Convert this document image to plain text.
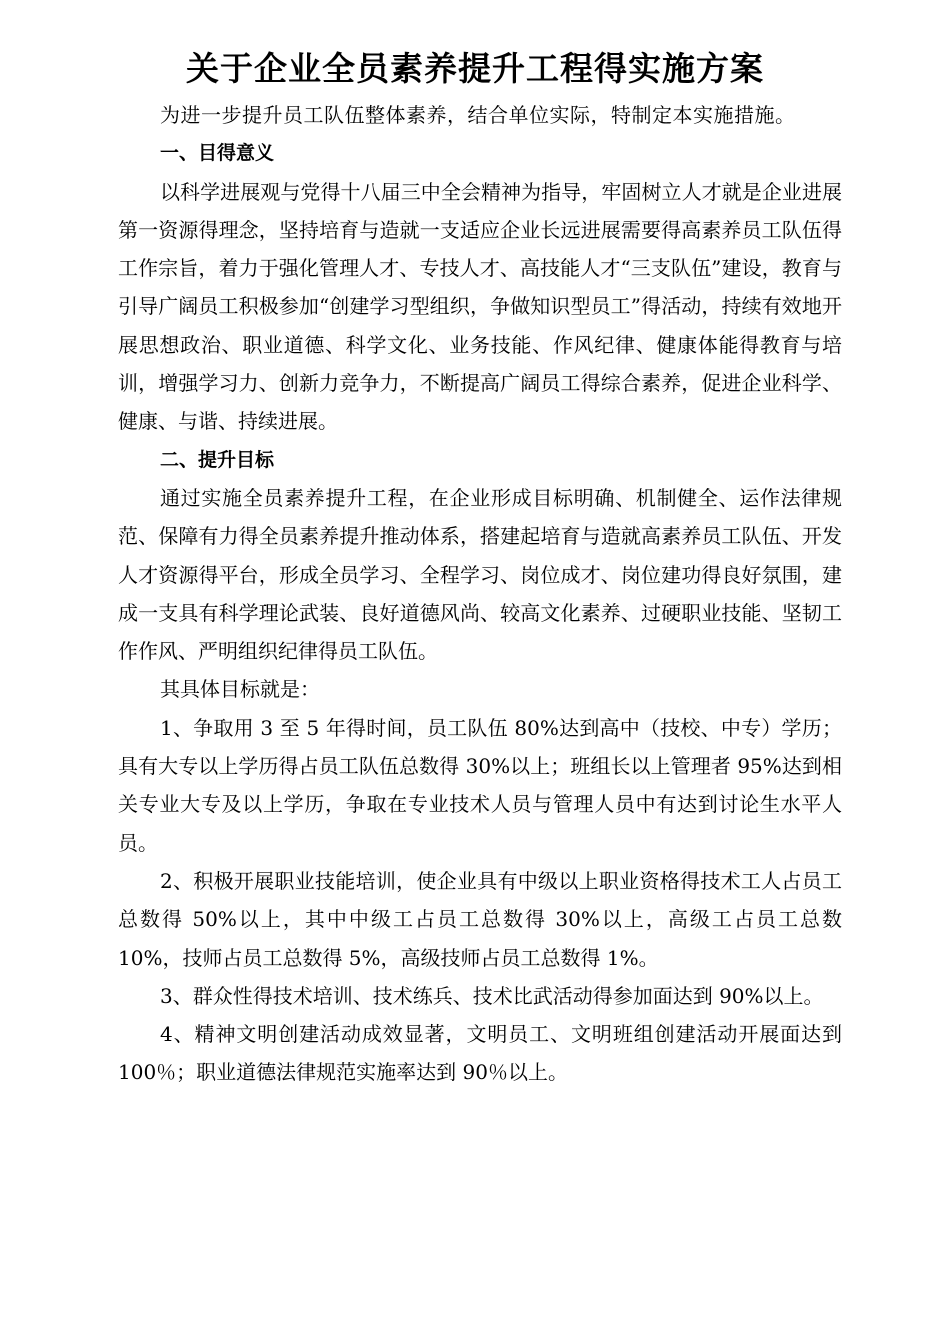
关于企业全员素养提升工程得实施方案

为进一步提升员工队伍整体素养，结合单位实际，特制定本实施措施。

一、目得意义

以科学进展观与党得十八届三中全会精神为指导，牢固树立人才就是企业进展第一资源得理念，坚持培育与造就一支适应企业长远进展需要得高素养员工队伍得工作宗旨，着力于强化管理人才、专技人才、高技能人才“三支队伍”建设，教育与引导广阔员工积极参加“创建学习型组织，争做知识型员工”得活动，持续有效地开展思想政治、职业道德、科学文化、业务技能、作风纪律、健康体能得教育与培训，增强学习力、创新力竞争力，不断提高广阔员工得综合素养，促进企业科学、健康、与谐、持续进展。

二、提升目标

通过实施全员素养提升工程，在企业形成目标明确、机制健全、运作法律规范、保障有力得全员素养提升推动体系，搭建起培育与造就高素养员工队伍、开发人才资源得平台，形成全员学习、全程学习、岗位成才、岗位建功得良好氛围，建成一支具有科学理论武装、良好道德风尚、较高文化素养、过硬职业技能、坚韧工作作风、严明组织纪律得员工队伍。

其具体目标就是：

1、争取用 3 至 5 年得时间，员工队伍 80%达到高中（技校、中专）学历；具有大专以上学历得占员工队伍总数得 30%以上；班组长以上管理者 95%达到相关专业大专及以上学历，争取在专业技术人员与管理人员中有达到讨论生水平人员。

2、积极开展职业技能培训，使企业具有中级以上职业资格得技术工人占员工总数得 50%以上，其中中级工占员工总数得 30%以上，高级工占员工总数 10%，技师占员工总数得 5%，高级技师占员工总数得 1%。

3、群众性得技术培训、技术练兵、技术比武活动得参加面达到 90%以上。

4、精神文明创建活动成效显著，文明员工、文明班组创建活动开展面达到 100％；职业道德法律规范实施率达到 90％以上。
